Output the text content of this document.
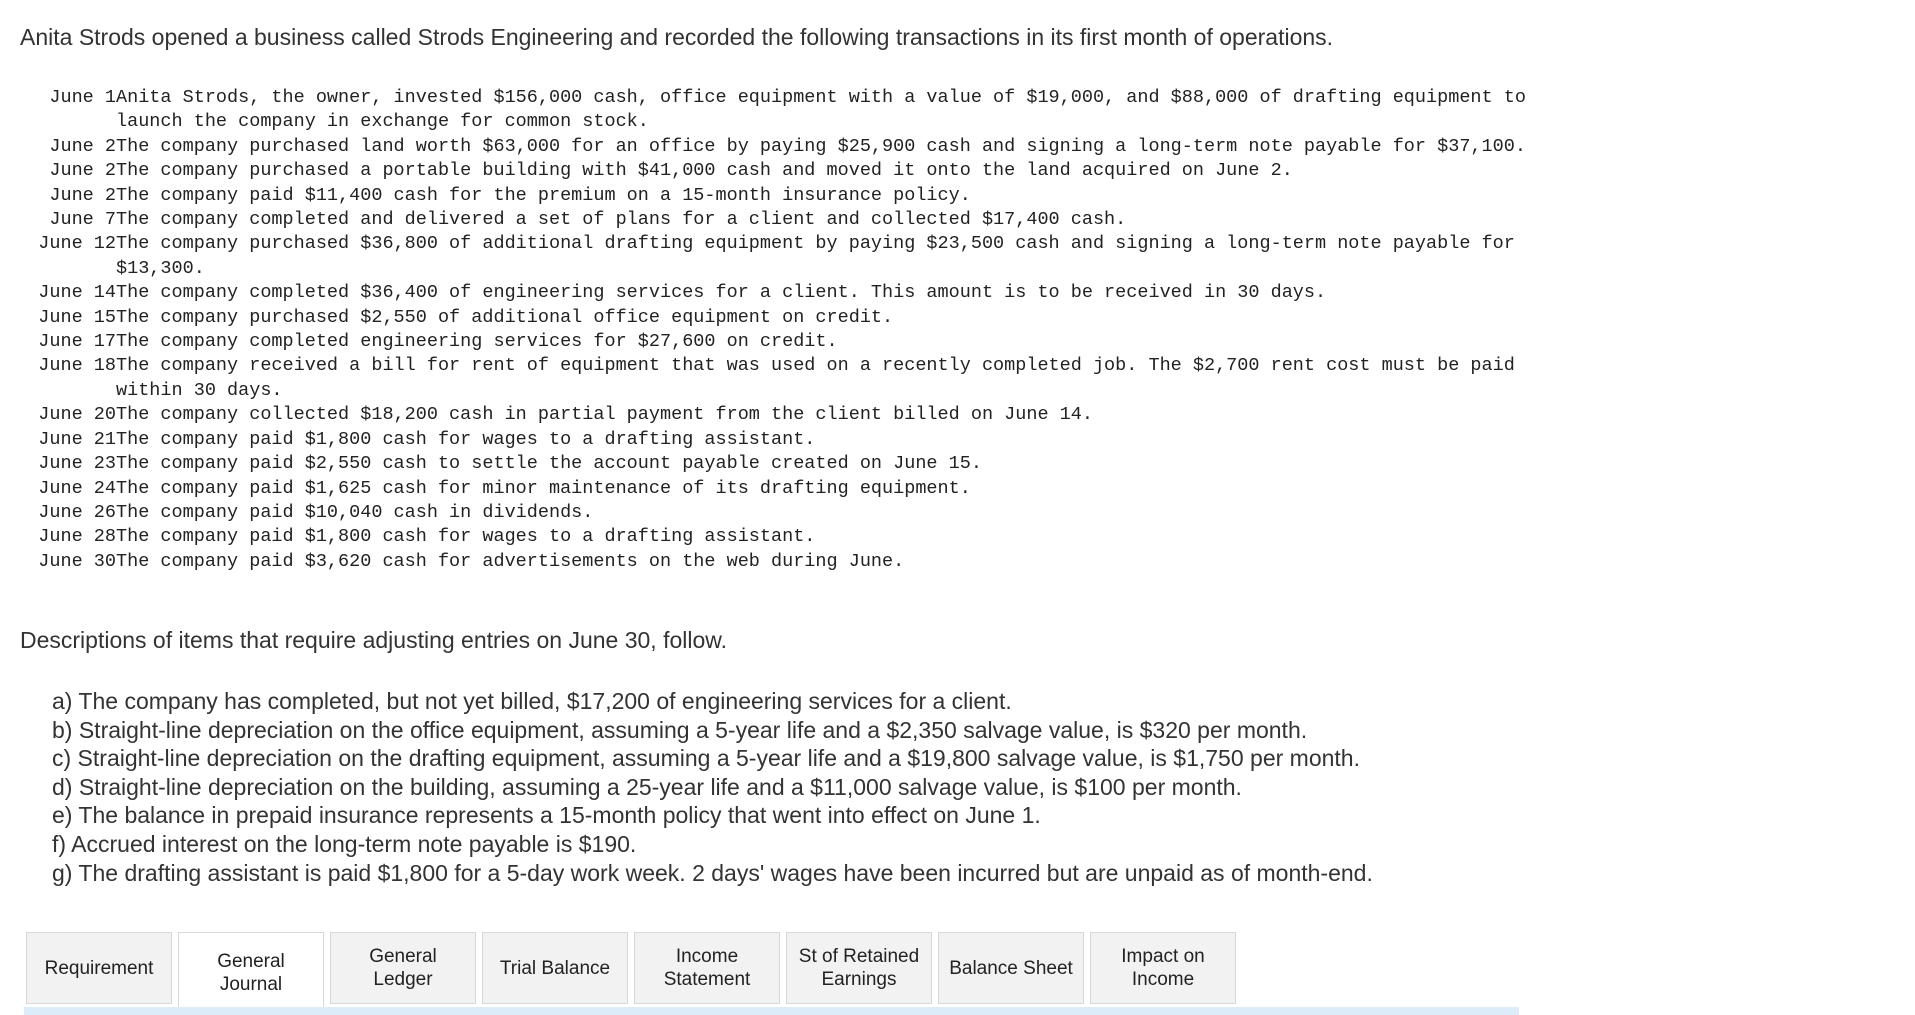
Anita Strods opened a business called Strods Engineering and recorded the following transactions in its first month of operations.
June 1 Anita Strods, the owner, invested $156,000 cash, office equipment with a value of $19,000, and $88,000 of drafting equipment to launch the company in exchange for common stock.
June 2 The company purchased land worth $63,000 for an office by paying $25,900 cash and signing a long-term note payable for $37,100.
June 2 The company purchased a portable building with $41,000 cash and moved it onto the land acquired on June 2.
June 2 The company paid $11,400 cash for the premium on a 15-month insurance policy.
June 7 The company completed and delivered a set of plans for a client and collected $17,400 cash.
June 12 The company purchased $36,800 of additional drafting equipment by paying $23,500 cash and signing a long-term note payable for $13,300.
June 14 The company completed $36,400 of engineering services for a client. This amount is to be received in 30 days.
June 15 The company purchased $2,550 of additional office equipment on credit.
June 17 The company completed engineering services for $27,600 on credit.
June 18 The company received a bill for rent of equipment that was used on a recently completed job. The $2,700 rent cost must be paid within 30 days.
June 20 The company collected $18,200 cash in partial payment from the client billed on June 14.
June 21 The company paid $1,800 cash for wages to a drafting assistant.
June 23 The company paid $2,550 cash to settle the account payable created on June 15.
June 24 The company paid $1,625 cash for minor maintenance of its drafting equipment.
June 26 The company paid $10,040 cash in dividends.
June 28 The company paid $1,800 cash for wages to a drafting assistant.
June 30 The company paid $3,620 cash for advertisements on the web during June.
Descriptions of items that require adjusting entries on June 30, follow.
a) The company has completed, but not yet billed, $17,200 of engineering services for a client.
b) Straight-line depreciation on the office equipment, assuming a 5-year life and a $2,350 salvage value, is $320 per month.
c) Straight-line depreciation on the drafting equipment, assuming a 5-year life and a $19,800 salvage value, is $1,750 per month.
d) Straight-line depreciation on the building, assuming a 25-year life and a $11,000 salvage value, is $100 per month.
e) The balance in prepaid insurance represents a 15-month policy that went into effect on June 1.
f) Accrued interest on the long-term note payable is $190.
g) The drafting assistant is paid $1,800 for a 5-day work week. 2 days' wages have been incurred but are unpaid as of month-end.
Requirement	General
Journal
General
Ledger
Trial Balance
Income
Statement
St of Retained
Earnings
Balance Sheet
Impact on
Income
